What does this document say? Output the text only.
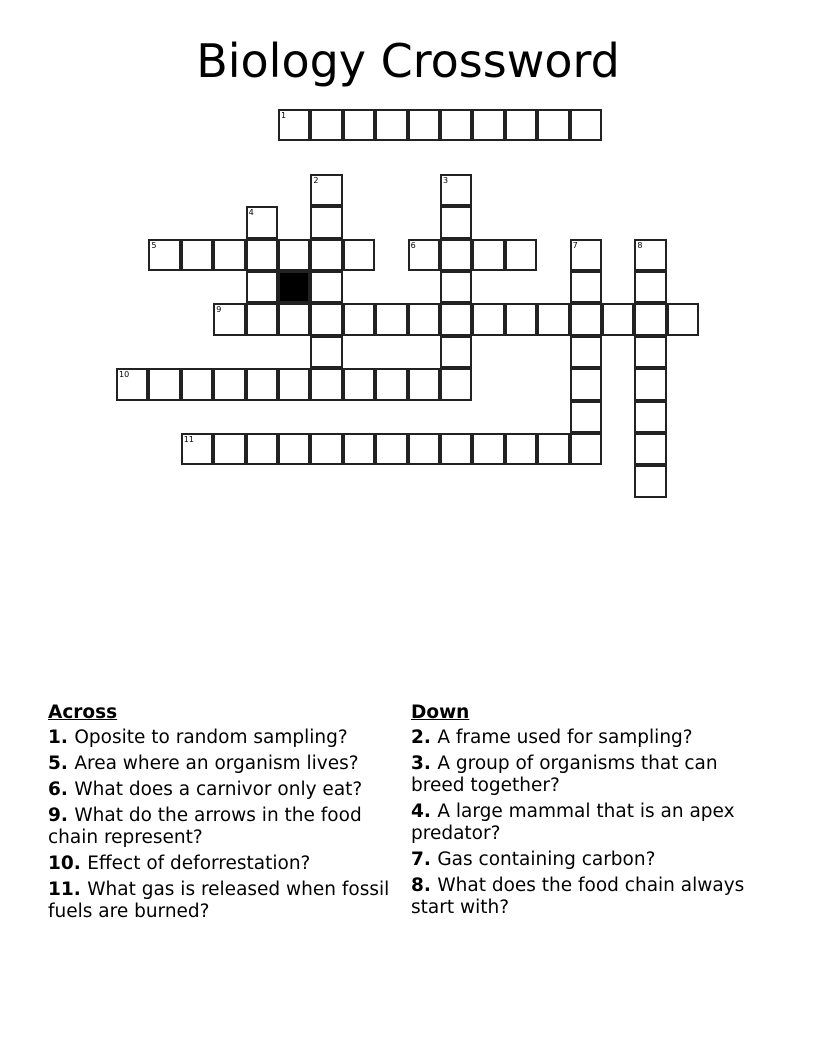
Biology Crossword
1
5	6
9
10
11
2	3
4
7	8
Across
1. Oposite to random sampling?
5. Area where an organism lives?
6. What does a carnivor only eat?
9. What do the arrows in the food chain represent?
10. Effect of deforrestation?
11. What gas is released when fossil fuels are burned?
Down
2. A frame used for sampling?
3. A group of organisms that can breed together?
4. A large mammal that is an apex predator?
7. Gas containing carbon?
8. What does the food chain always start with?
